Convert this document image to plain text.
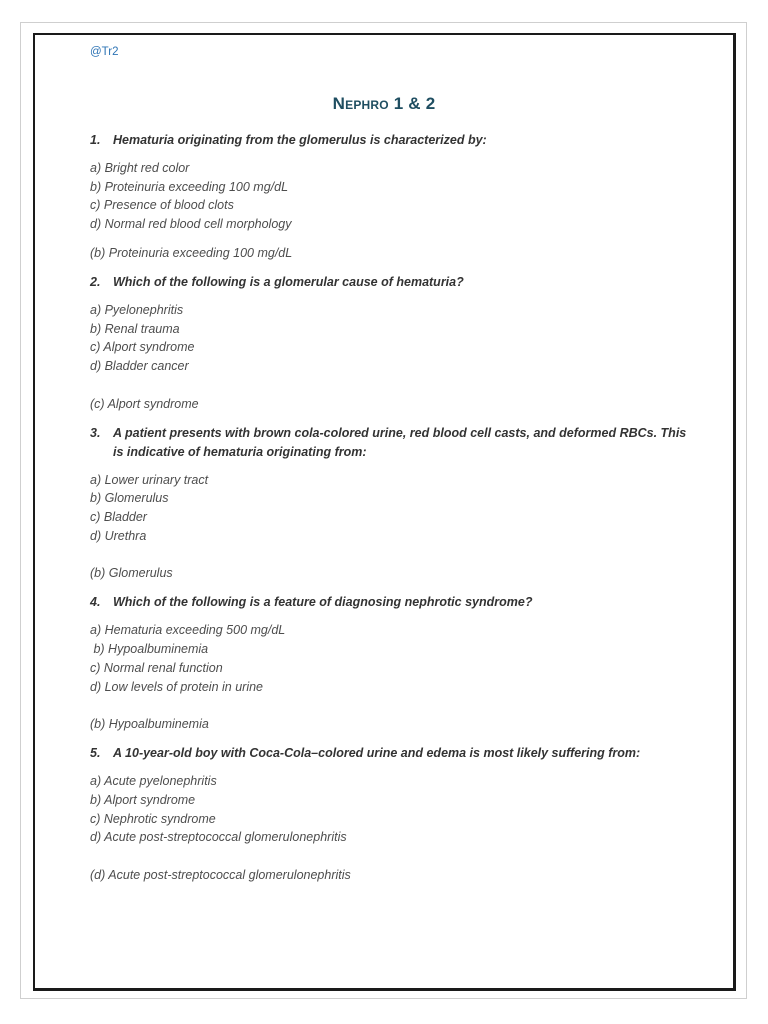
@Tr2
Nephro 1 & 2
1.	Hematuria originating from the glomerulus is characterized by:
a) Bright red color
b) Proteinuria exceeding 100 mg/dL
c) Presence of blood clots
d) Normal red blood cell morphology
(b) Proteinuria exceeding 100 mg/dL
2.	Which of the following is a glomerular cause of hematuria?
a) Pyelonephritis
b) Renal trauma
c) Alport syndrome
d) Bladder cancer
(c) Alport syndrome
3.	A patient presents with brown cola-colored urine, red blood cell casts, and deformed RBCs. This is indicative of hematuria originating from:
a) Lower urinary tract
b) Glomerulus
c) Bladder
d) Urethra
(b) Glomerulus
4.	Which of the following is a feature of diagnosing nephrotic syndrome?
a) Hematuria exceeding 500 mg/dL
b) Hypoalbuminemia
c) Normal renal function
d) Low levels of protein in urine
(b) Hypoalbuminemia
5.	A 10-year-old boy with Coca-Cola–colored urine and edema is most likely suffering from:
a) Acute pyelonephritis
b) Alport syndrome
c) Nephrotic syndrome
d) Acute post-streptococcal glomerulonephritis
(d) Acute post-streptococcal glomerulonephritis
